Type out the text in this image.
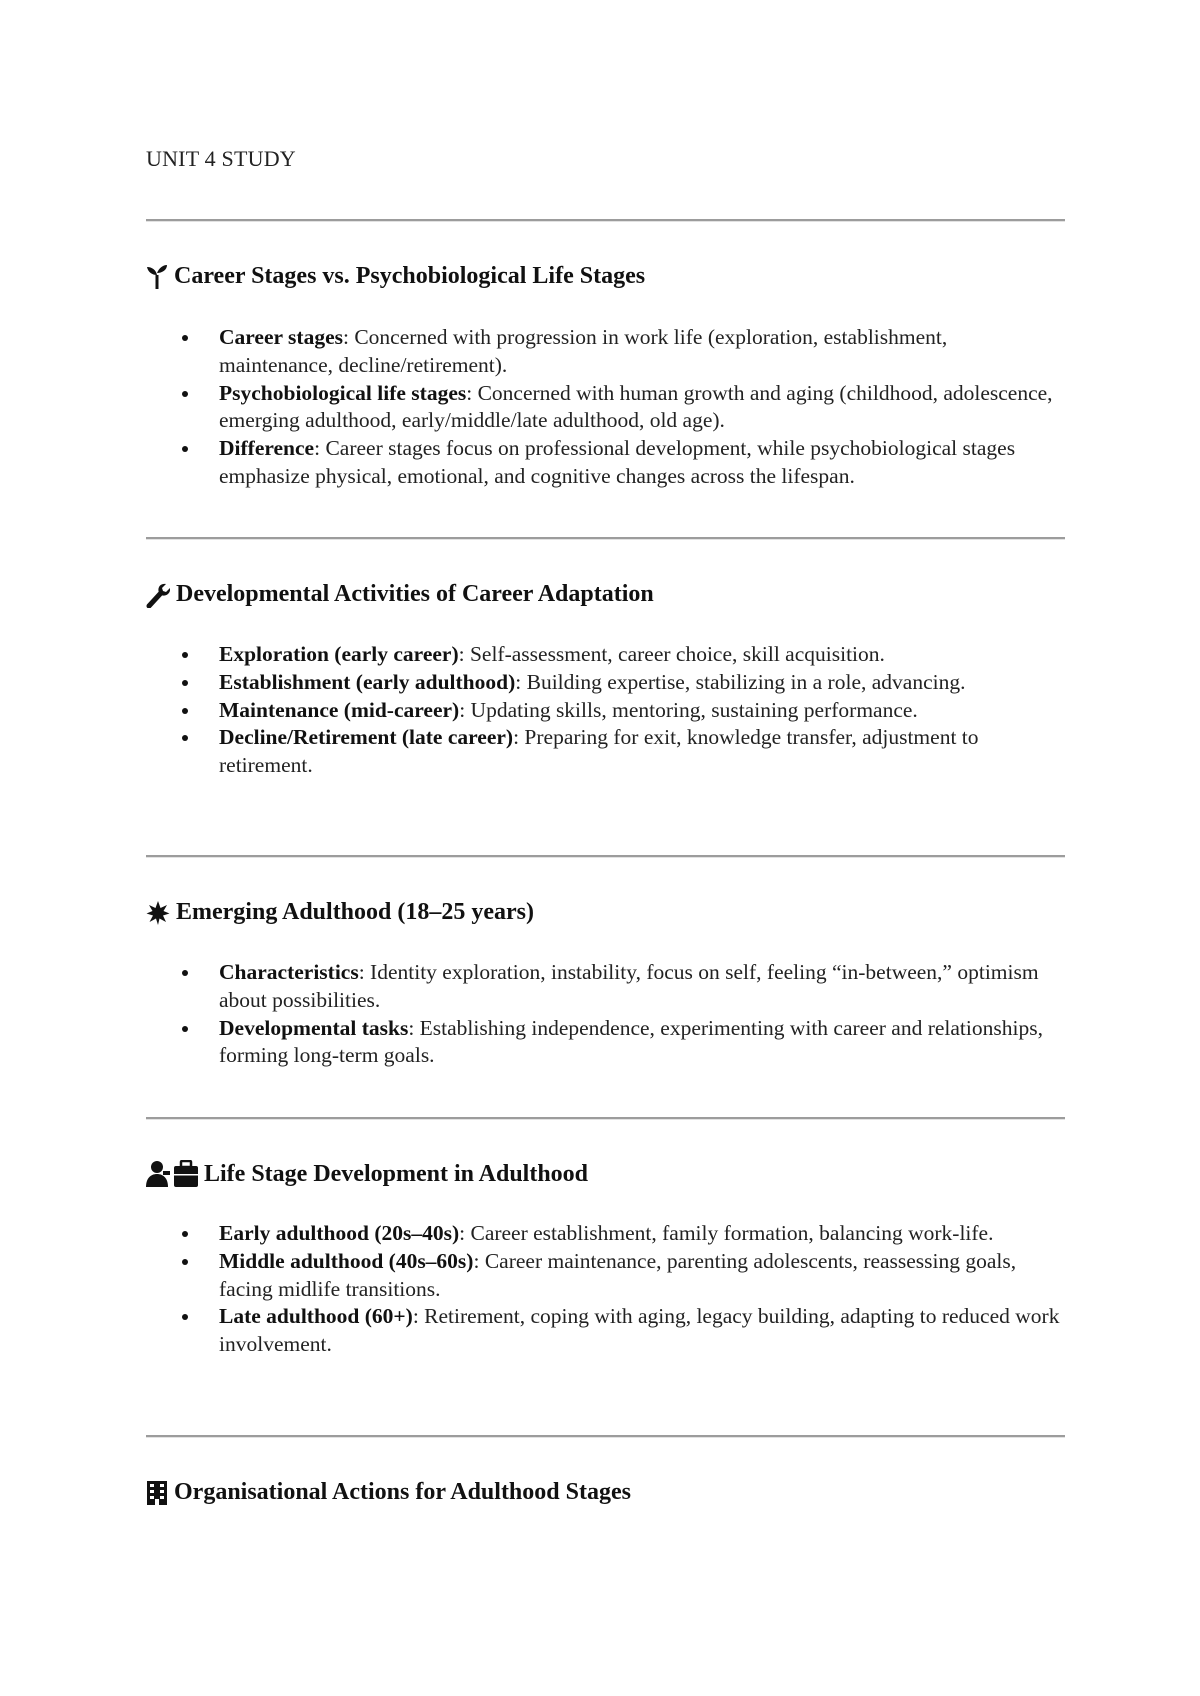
UNIT 4 STUDY
Career Stages vs. Psychobiological Life Stages
Career stages: Concerned with progression in work life (exploration, establishment, maintenance, decline/retirement).
Psychobiological life stages: Concerned with human growth and aging (childhood, adolescence, emerging adulthood, early/middle/late adulthood, old age).
Difference: Career stages focus on professional development, while psychobiological stages emphasize physical, emotional, and cognitive changes across the lifespan.
Developmental Activities of Career Adaptation
Exploration (early career): Self-assessment, career choice, skill acquisition.
Establishment (early adulthood): Building expertise, stabilizing in a role, advancing.
Maintenance (mid-career): Updating skills, mentoring, sustaining performance.
Decline/Retirement (late career): Preparing for exit, knowledge transfer, adjustment to retirement.
Emerging Adulthood (18–25 years)
Characteristics: Identity exploration, instability, focus on self, feeling “in-between,” optimism about possibilities.
Developmental tasks: Establishing independence, experimenting with career and relationships, forming long-term goals.
Life Stage Development in Adulthood
Early adulthood (20s–40s): Career establishment, family formation, balancing work-life.
Middle adulthood (40s–60s): Career maintenance, parenting adolescents, reassessing goals, facing midlife transitions.
Late adulthood (60+): Retirement, coping with aging, legacy building, adapting to reduced work involvement.
Organisational Actions for Adulthood Stages
